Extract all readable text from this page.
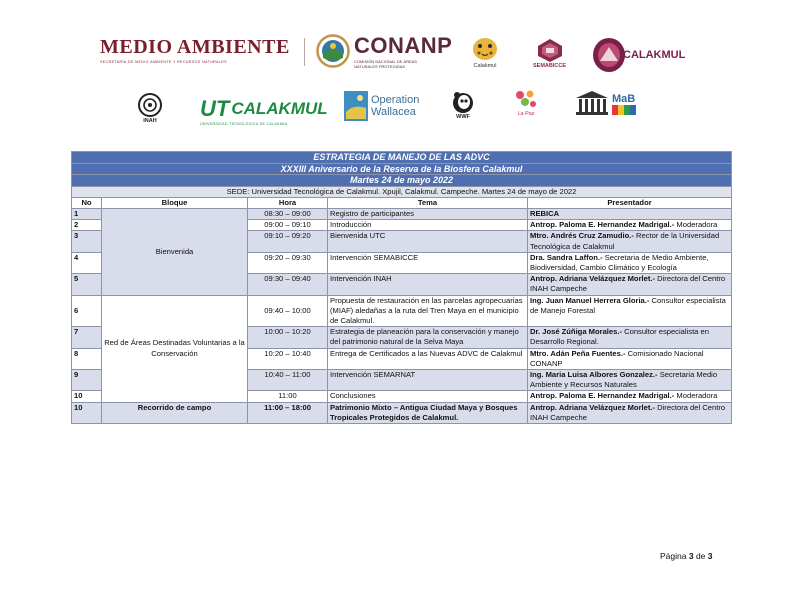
MEDIO AMBIENTE
SECRETARÍA DE MEDIO AMBIENTE Y RECURSOS NATURALES
CONANP
COMISIÓN NACIONAL DE ÁREAS
NATURALES PROTEGIDAS	Calakmul	SEMABICCE
CALAKMUL
INAH UT CALAKMUL
UNIVERSIDAD TECNOLÓGICA DE CALAKMUL
Operation
Wallacea	WWF	La Paz
MaB
ESTRATEGIA DE MANEJO DE LAS ADVC				
XXXIII Aniversario de la Reserva de la Biosfera Calakmul				
Martes 24 de mayo 2022				
SEDE: Universidad Tecnológica de Calakmul. Xpujil, Calakmul. Campeche. Martes 24 de mayo de 2022				
No	Bloque	Hora	Tema	Presentador
1	Bienvenida	08:30 – 09:00	Registro de participantes	REBICA
2		09:00 – 09:10	Introducción	Antrop. Paloma E. Hernandez Madrigal.- Moderadora
3		09:10 – 09:20	Bienvenida UTC	Mtro. Andrés Cruz Zamudio.- Rector de la Universidad Tecnológica de Calakmul
4		09:20 – 09:30	Intervención SEMABICCE	Dra. Sandra Laffon.- Secretaria de Medio Ambiente, Biodiversidad, Cambio Climático y Ecología
5		09:30 – 09:40	Intervención INAH	Antrop. Adriana Velázquez Morlet.- Directora del Centro INAH Campeche
6	Red de Áreas Destinadas Voluntarias a la Conservación	09:40 – 10:00	Propuesta de restauración en las parcelas agropecuarias (MIAF) aledañas a la ruta del Tren Maya en el municipio de Calakmul.	Ing. Juan Manuel Herrera Gloria.- Consultor especialista de Manejo Forestal
7		10:00 – 10:20	Estrategia de planeación para la conservación y manejo del patrimonio natural de la Selva Maya	Dr. José Zúñiga Morales.- Consultor especialista en Desarrollo Regional.
8		10:20 – 10:40	Entrega de Certificados a las Nuevas ADVC de Calakmul	Mtro. Adán Peña Fuentes.- Comisionado Nacional CONANP
9		10:40 – 11:00	Intervención SEMARNAT	Ing. Maria Luisa Albores Gonzalez.- Secretaria Medio Ambiente y Recursos Naturales
10		11:00	Conclusiones	Antrop. Paloma E. Hernandez Madrigal.- Moderadora
10	Recorrido de campo	11:00 – 18:00	Patrimonio Mixto – Antigua Ciudad Maya y Bosques Tropicales Protegidos de Calakmul.	Antrop. Adriana Velázquez Morlet.- Directora del Centro INAH Campeche
Página 3 de 3
